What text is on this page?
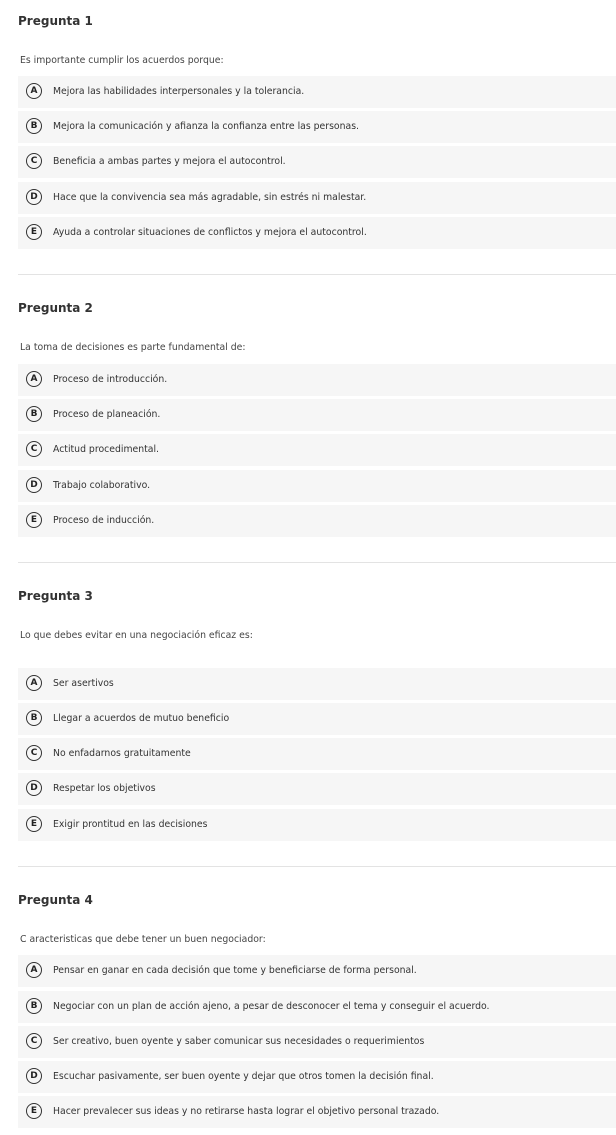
Pregunta 1
Es importante cumplir los acuerdos porque:
A	Mejora las habilidades interpersonales y la tolerancia.
B	Mejora la comunicación y afianza la confianza entre las personas.
C	Beneficia a ambas partes y mejora el autocontrol.
D	Hace que la convivencia sea más agradable, sin estrés ni malestar.
E	Ayuda a controlar situaciones de conflictos y mejora el autocontrol.
Pregunta 2
La toma de decisiones es parte fundamental de:
A	Proceso de introducción.
B	Proceso de planeación.
C	Actitud procedimental.
D	Trabajo colaborativo.
E	Proceso de inducción.
Pregunta 3
Lo que debes evitar en una negociación eficaz es:
A	Ser asertivos
B	Llegar a acuerdos de mutuo beneficio
C	No enfadarnos gratuitamente
D	Respetar los objetivos
E	Exigir prontitud en las decisiones
Pregunta 4
C aracteristicas que debe tener un buen negociador:
A	Pensar en ganar en cada decisión que tome y beneficiarse de forma personal.
B	Negociar con un plan de acción ajeno, a pesar de desconocer el tema y conseguir el acuerdo.
C	Ser creativo, buen oyente y saber comunicar sus necesidades o requerimientos
D	Escuchar pasivamente, ser buen oyente y dejar que otros tomen la decisión final.
E	Hacer prevalecer sus ideas y no retirarse hasta lograr el objetivo personal trazado.
